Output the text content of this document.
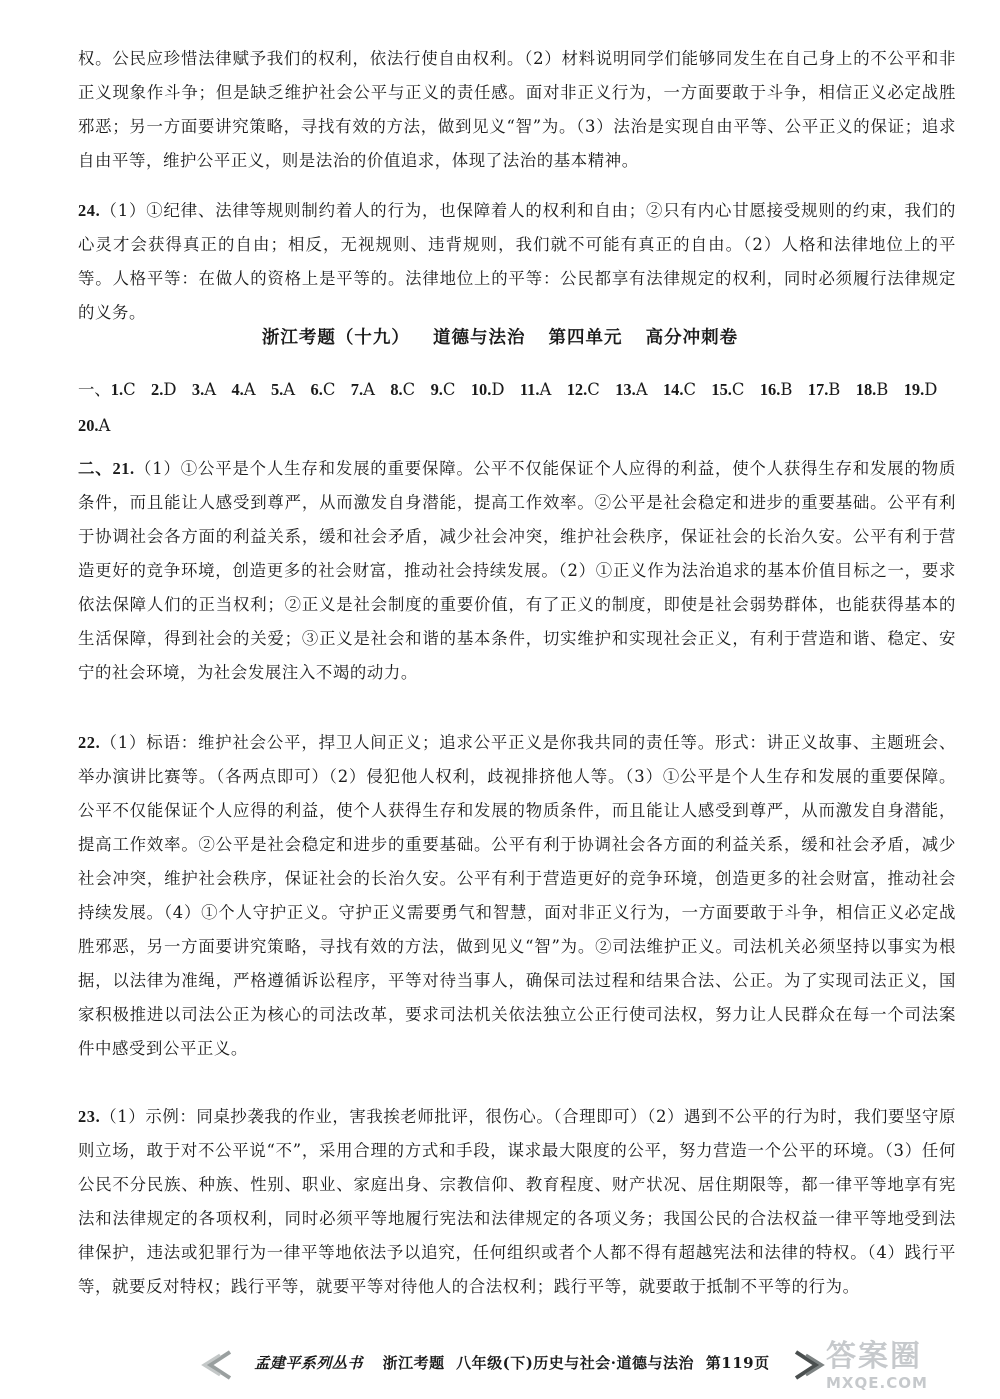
权。公民应珍惜法律赋予我们的权利，依法行使自由权利。（2）材料说明同学们能够同发生在自己身上的不公平和非正义现象作斗争；但是缺乏维护社会公平与正义的责任感。面对非正义行为，一方面要敢于斗争，相信正义必定战胜邪恶；另一方面要讲究策略，寻找有效的方法，做到见义“智”为。（3）法治是实现自由平等、公平正义的保证；追求自由平等，维护公平正义，则是法治的价值追求，体现了法治的基本精神。
24.（1）①纪律、法律等规则制约着人的行为，也保障着人的权利和自由；②只有内心甘愿接受规则的约束，我们的心灵才会获得真正的自由；相反，无视规则、违背规则，我们就不可能有真正的自由。（2）人格和法律地位上的平等。人格平等：在做人的资格上是平等的。法律地位上的平等：公民都享有法律规定的权利，同时必须履行法律规定的义务。
浙江考题（十九） 道德与法治 第四单元 高分冲刺卷
一、1.C  2.D  3.A  4.A  5.A  6.C  7.A  8.C  9.C  10.D  11.A  12.C  13.A  14.C  15.C  16.B  17.B  18.B  19.D  20.A 
二、21.（1）①公平是个人生存和发展的重要保障。公平不仅能保证个人应得的利益，使个人获得生存和发展的物质条件，而且能让人感受到尊严，从而激发自身潜能，提高工作效率。②公平是社会稳定和进步的重要基础。公平有利于协调社会各方面的利益关系，缓和社会矛盾，减少社会冲突，维护社会秩序，保证社会的长治久安。公平有利于营造更好的竞争环境，创造更多的社会财富，推动社会持续发展。（2）①正义作为法治追求的基本价值目标之一，要求依法保障人们的正当权利；②正义是社会制度的重要价值，有了正义的制度，即使是社会弱势群体，也能获得基本的生活保障，得到社会的关爱；③正义是社会和谐的基本条件，切实维护和实现社会正义，有利于营造和谐、稳定、安宁的社会环境，为社会发展注入不竭的动力。
22.（1）标语：维护社会公平，捍卫人间正义；追求公平正义是你我共同的责任等。形式：讲正义故事、主题班会、举办演讲比赛等。（各两点即可）（2）侵犯他人权利，歧视排挤他人等。（3）①公平是个人生存和发展的重要保障。公平不仅能保证个人应得的利益，使个人获得生存和发展的物质条件，而且能让人感受到尊严，从而激发自身潜能，提高工作效率。②公平是社会稳定和进步的重要基础。公平有利于协调社会各方面的利益关系，缓和社会矛盾，减少社会冲突，维护社会秩序，保证社会的长治久安。公平有利于营造更好的竞争环境，创造更多的社会财富，推动社会持续发展。（4）①个人守护正义。守护正义需要勇气和智慧，面对非正义行为，一方面要敢于斗争，相信正义必定战胜邪恶，另一方面要讲究策略，寻找有效的方法，做到见义“智”为。②司法维护正义。司法机关必须坚持以事实为根据，以法律为准绳，严格遵循诉讼程序，平等对待当事人，确保司法过程和结果合法、公正。为了实现司法正义，国家积极推进以司法公正为核心的司法改革，要求司法机关依法独立公正行使司法权，努力让人民群众在每一个司法案件中感受到公平正义。
23.（1）示例：同桌抄袭我的作业，害我挨老师批评，很伤心。（合理即可）（2）遇到不公平的行为时，我们要坚守原则立场，敢于对不公平说“不”，采用合理的方式和手段，谋求最大限度的公平，努力营造一个公平的环境。（3）任何公民不分民族、种族、性别、职业、家庭出身、宗教信仰、教育程度、财产状况、居住期限等，都一律平等地享有宪法和法律规定的各项权利，同时必须平等地履行宪法和法律规定的各项义务；我国公民的合法权益一律平等地受到法律保护，违法或犯罪行为一律平等地依法予以追究，任何组织或者个人都不得有超越宪法和法律的特权。（4）践行平等，就要反对特权；践行平等，就要平等对待他人的合法权利；践行平等，就要敢于抵制不平等的行为。
孟建平系列丛书 浙江考题 八年级(下)历史与社会·道德与法治 第119页	答案圈
MXQE.COM
